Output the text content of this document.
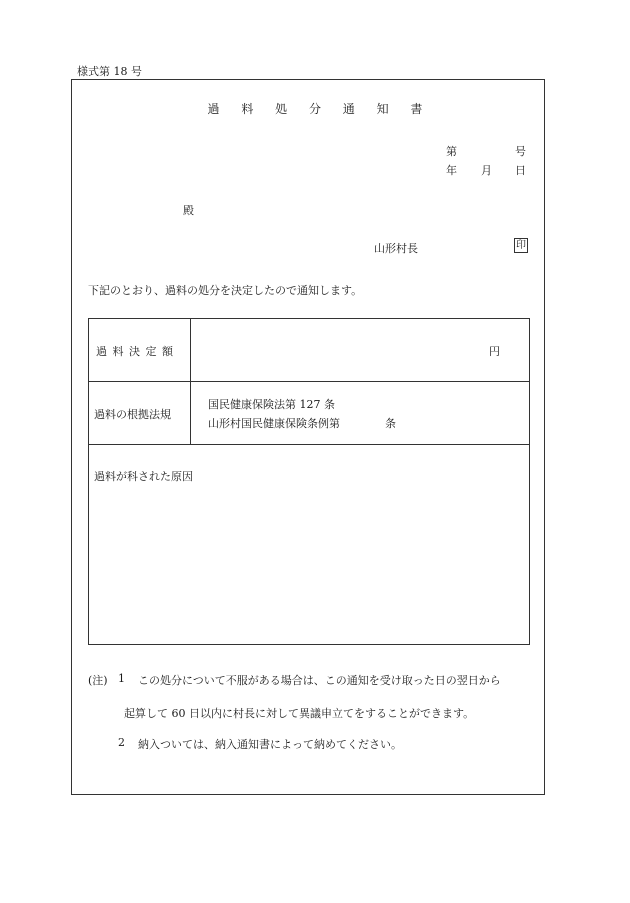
様式第 18 号
過 料 処 分 通 知 書
第	号
年 月 日
殿
山形村長	印
下記のとおり、過料の処分を決定したので通知します。
過 料 決 定 額	円
過料の根拠法規
国民健康保険法第 127 条
山形村国民健康保険条例第	条
過料が科された原因
(注) 1 この処分について不服がある場合は、この通知を受け取った日の翌日から
起算して 60 日以内に村長に対して異議申立てをすることができます。
2 納入ついては、納入通知書によって納めてください。
